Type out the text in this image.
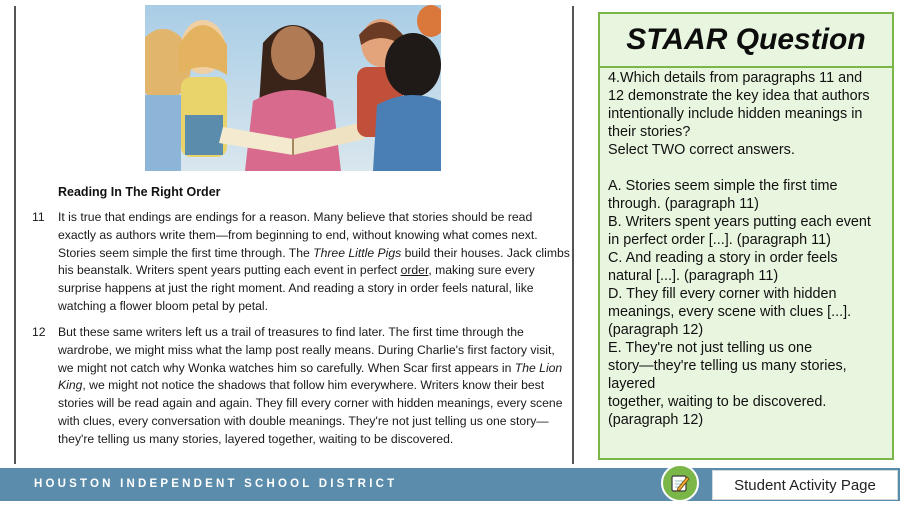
Reading In The Right Order
11	It is true that endings are endings for a reason. Many believe that stories should be read exactly as authors write them—from beginning to end, without knowing what comes next. Stories seem simple the first time through. The Three Little Pigs build their houses. Jack climbs his beanstalk. Writers spent years putting each event in perfect order, making sure every surprise happens at just the right moment. And reading a story in order feels natural, like watching a flower bloom petal by petal.
12	But these same writers left us a trail of treasures to find later. The first time through the wardrobe, we might miss what the lamp post really means. During Charlie's first factory visit, we might not catch why Wonka watches him so carefully. When Scar first appears in The Lion King, we might not notice the shadows that follow him everywhere. Writers know their best stories will be read again and again. They fill every corner with hidden meanings, every scene with clues, every conversation with double meanings. They're not just telling us one story—they're telling us many stories, layered together, waiting to be discovered.
STAAR Question
4.Which details from paragraphs 11 and
12 demonstrate the key idea that authors
intentionally include hidden meanings in
their stories?
Select TWO correct answers.
A. Stories seem simple the first time
through. (paragraph 11)
B. Writers spent years putting each event
in perfect order [...]. (paragraph 11)
C. And reading a story in order feels
natural [...]. (paragraph 11)
D. They fill every corner with hidden
meanings, every scene with clues [...].
(paragraph 12)
E. They're not just telling us one
story—they're telling us many stories,
layered
together, waiting to be discovered.
(paragraph 12)
HOUSTON INDEPENDENT SCHOOL DISTRICT	Student Activity Page
